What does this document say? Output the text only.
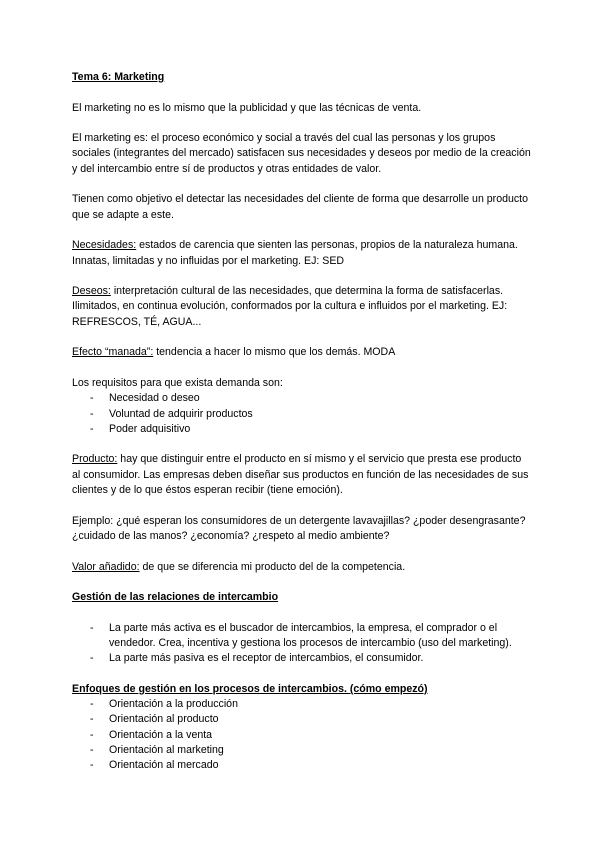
Tema 6: Marketing

El marketing no es lo mismo que la publicidad y que las técnicas de venta.

El marketing es: el proceso económico y social a través del cual las personas y los grupos sociales (integrantes del mercado) satisfacen sus necesidades y deseos por medio de la creación y del intercambio entre sí de productos y otras entidades de valor.

Tienen como objetivo el detectar las necesidades del cliente de forma que desarrolle un producto que se adapte a este.

Necesidades: estados de carencia que sienten las personas, propios de la naturaleza humana. Innatas, limitadas y no influidas por el marketing. EJ: SED

Deseos: interpretación cultural de las necesidades, que determina la forma de satisfacerlas. Ilimitados, en continua evolución, conformados por la cultura e influidos por el marketing. EJ: REFRESCOS, TÉ, AGUA...

Efecto “manada”: tendencia a hacer lo mismo que los demás. MODA

Los requisitos para que exista demanda son:

- Necesidad o deseo
- Voluntad de adquirir productos
- Poder adquisitivo

Producto: hay que distinguir entre el producto en sí mismo y el servicio que presta ese producto al consumidor. Las empresas deben diseñar sus productos en función de las necesidades de sus clientes y de lo que éstos esperan recibir (tiene emoción).

Ejemplo: ¿qué esperan los consumidores de un detergente lavavajillas? ¿poder desengrasante? ¿cuidado de las manos? ¿economía? ¿respeto al medio ambiente?

Valor añadido: de que se diferencia mi producto del de la competencia.

Gestión de las relaciones de intercambio

- La parte más activa es el buscador de intercambios, la empresa, el comprador o el vendedor. Crea, incentiva y gestiona los procesos de intercambio (uso del marketing).
- La parte más pasiva es el receptor de intercambios, el consumidor.

Enfoques de gestión en los procesos de intercambios. (cómo empezó)

- Orientación a la producción
- Orientación al producto
- Orientación a la venta
- Orientación al marketing
- Orientación al mercado
